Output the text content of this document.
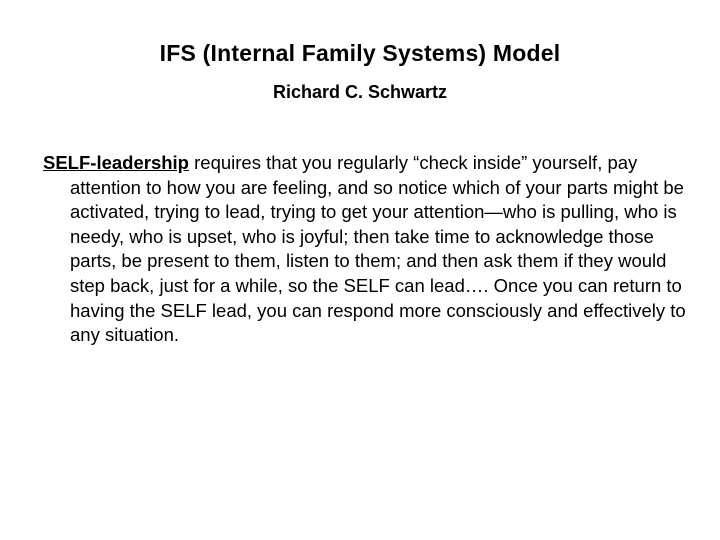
IFS (Internal Family Systems) Model
Richard C. Schwartz
SELF-leadership requires that you regularly “check inside” yourself, pay attention to how you are feeling, and so notice which of your parts might be activated, trying to lead, trying to get your attention—who is pulling, who is needy, who is upset, who is joyful; then take time to acknowledge those parts, be present to them, listen to them; and then ask them if they would step back, just for a while, so the SELF can lead…. Once you can return to having the SELF lead, you can respond more consciously and effectively to any situation.
